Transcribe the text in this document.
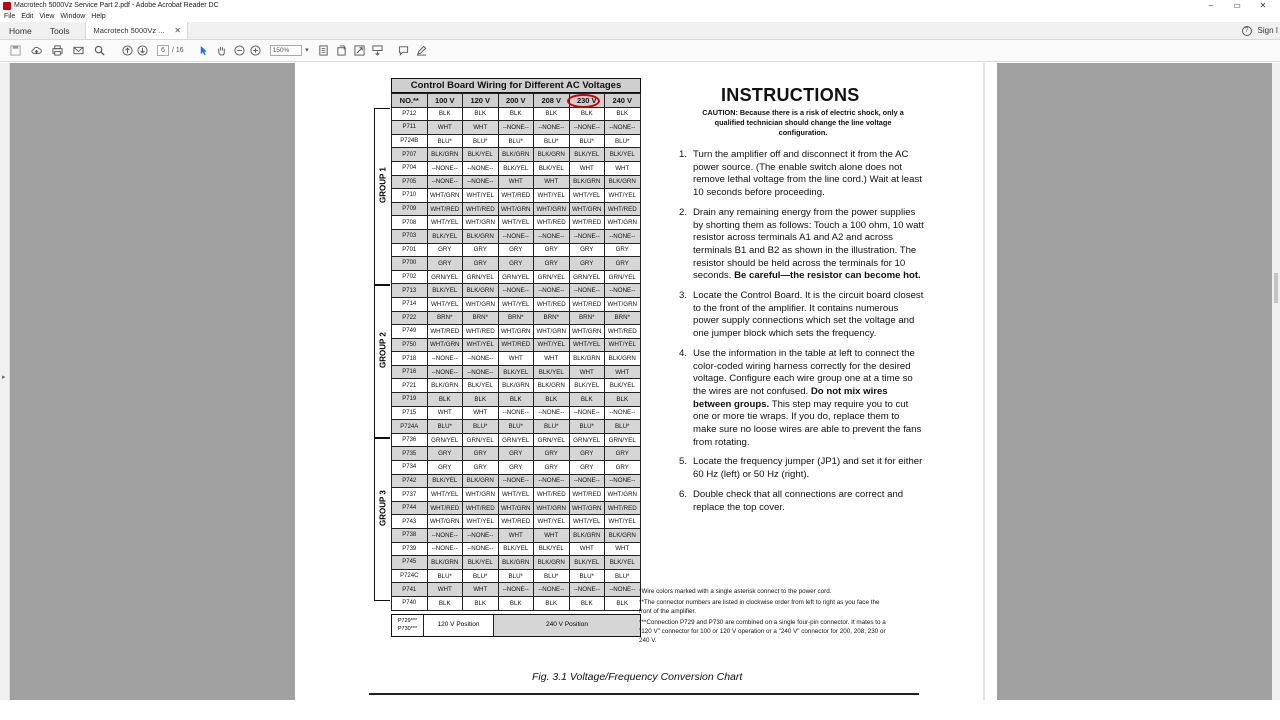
Macrotech 5000Vz Service Part 2.pdf - Adobe Acrobat Reader DC	–	▭	✕
File Edit View Window Help
Home	Tools	Macrotech 5000Vz ... ✕	?	Sign I
6	/ 16	150% ▾
▸
Control Board Wiring for Different AC Voltages
NO.**	100 V	120 V	200 V	208 V	230 V	240 V
P712	BLK	BLK	BLK	BLK	BLK	BLK
P711	WHT	WHT	--NONE--	--NONE--	--NONE--	--NONE--
P724B	BLU*	BLU*	BLU*	BLU*	BLU*	BLU*
P707	BLK/GRN	BLK/YEL	BLK/GRN	BLK/GRN	BLK/YEL	BLK/YEL
P704	--NONE--	--NONE--	BLK/YEL	BLK/YEL	WHT	WHT
P705	--NONE--	--NONE--	WHT	WHT	BLK/GRN	BLK/GRN
P710	WHT/GRN	WHT/YEL	WHT/RED	WHT/YEL	WHT/YEL	WHT/YEL
P709	WHT/RED	WHT/RED	WHT/GRN	WHT/GRN	WHT/GRN	WHT/RED
P708	WHT/YEL	WHT/GRN	WHT/YEL	WHT/RED	WHT/RED	WHT/GRN
P703	BLK/YEL	BLK/GRN	--NONE--	--NONE--	--NONE--	--NONE--
P701	GRY	GRY	GRY	GRY	GRY	GRY
P700	GRY	GRY	GRY	GRY	GRY	GRY
P702	GRN/YEL	GRN/YEL	GRN/YEL	GRN/YEL	GRN/YEL	GRN/YEL
P713	BLK/YEL	BLK/GRN	--NONE--	--NONE--	--NONE--	--NONE--
P714	WHT/YEL	WHT/GRN	WHT/YEL	WHT/RED	WHT/RED	WHT/GRN
P722	BRN*	BRN*	BRN*	BRN*	BRN*	BRN*
P749	WHT/RED	WHT/RED	WHT/GRN	WHT/GRN	WHT/GRN	WHT/RED
P750	WHT/GRN	WHT/YEL	WHT/RED	WHT/YEL	WHT/YEL	WHT/YEL
P718	--NONE--	--NONE--	WHT	WHT	BLK/GRN	BLK/GRN
P716	--NONE--	--NONE--	BLK/YEL	BLK/YEL	WHT	WHT
P721	BLK/GRN	BLK/YEL	BLK/GRN	BLK/GRN	BLK/YEL	BLK/YEL
P719	BLK	BLK	BLK	BLK	BLK	BLK
P715	WHT	WHT	--NONE--	--NONE--	--NONE--	--NONE--
P724A	BLU*	BLU*	BLU*	BLU*	BLU*	BLU*
P736	GRN/YEL	GRN/YEL	GRN/YEL	GRN/YEL	GRN/YEL	GRN/YEL
P735	GRY	GRY	GRY	GRY	GRY	GRY
P734	GRY	GRY	GRY	GRY	GRY	GRY
P742	BLK/YEL	BLK/GRN	--NONE--	--NONE--	--NONE--	--NONE--
P737	WHT/YEL	WHT/GRN	WHT/YEL	WHT/RED	WHT/RED	WHT/GRN
P744	WHT/RED	WHT/RED	WHT/GRN	WHT/GRN	WHT/GRN	WHT/RED
P743	WHT/GRN	WHT/YEL	WHT/RED	WHT/YEL	WHT/YEL	WHT/YEL
P738	--NONE--	--NONE--	WHT	WHT	BLK/GRN	BLK/GRN
P739	--NONE--	--NONE--	BLK/YEL	BLK/YEL	WHT	WHT
P745	BLK/GRN	BLK/YEL	BLK/GRN	BLK/GRN	BLK/YEL	BLK/YEL
P724C	BLU*	BLU*	BLU*	BLU*	BLU*	BLU*
P741	WHT	WHT	--NONE--	--NONE--	--NONE--	--NONE--
P740	BLK	BLK	BLK	BLK	BLK	BLK
GROUP 1
GROUP 2
GROUP 3
P729***
P730***
120 V Position	240 V Position
INSTRUCTIONS
CAUTION: Because there is a risk of electric shock, only a qualified technician should change the line voltage configuration.
1. Turn the amplifier off and disconnect it from the AC power source. (The enable switch alone does not remove lethal voltage from the line cord.) Wait at least 10 seconds before proceeding.
2. Drain any remaining energy from the power supplies by shorting them as follows: Touch a 100 ohm, 10 watt resistor across terminals A1 and A2 and across terminals B1 and B2 as shown in the illustration. The resistor should be held across the terminals for 10 seconds. Be careful—the resistor can become hot.
3. Locate the Control Board. It is the circuit board closest to the front of the amplifier. It contains numerous power supply connections which set the voltage and one jumper block which sets the frequency.
4. Use the information in the table at left to connect the color-coded wiring harness correctly for the desired voltage. Configure each wire group one at a time so the wires are not confused. Do not mix wires between groups. This step may require you to cut one or more tie wraps. If you do, replace them to make sure no loose wires are able to prevent the fans from rotating.
5. Locate the frequency jumper (JP1) and set it for either 60 Hz (left) or 50 Hz (right).
6. Double check that all connections are correct and replace the top cover.
*Wire colors marked with a single asterisk connect to the power cord.
**The connector numbers are listed in clockwise order from left to right as you face the front of the amplifier.
***Connection P729 and P730 are combined on a single four-pin connector. It mates to a "120 V" connector for 100 or 120 V operation or a "240 V" connector for 200, 208, 230 or 240 V.
Fig. 3.1 Voltage/Frequency Conversion Chart
